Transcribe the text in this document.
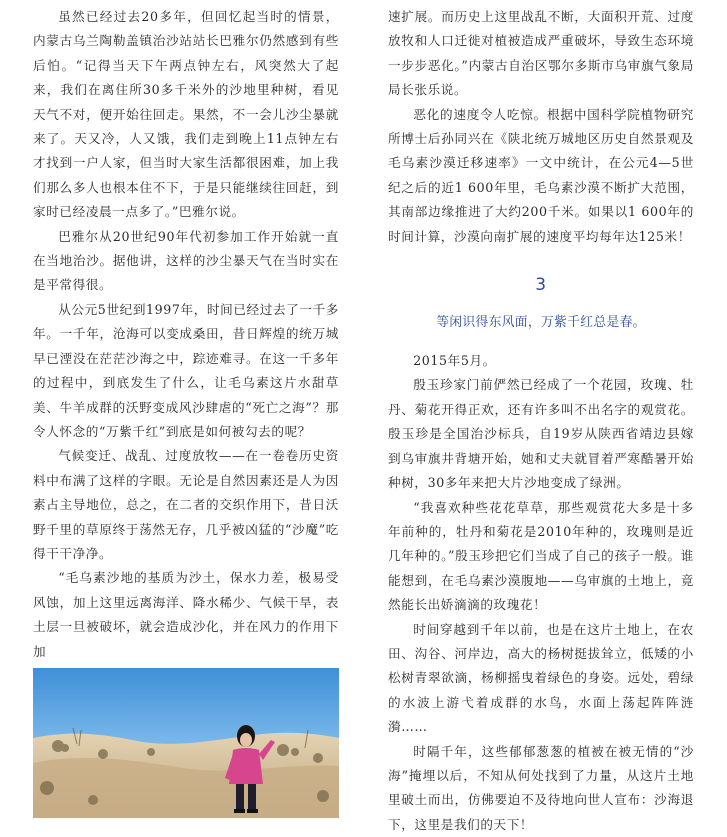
虽然已经过去20多年，但回忆起当时的情景，内蒙古乌兰陶勒盖镇治沙站站长巴雅尔仍然感到有些后怕。“记得当天下午两点钟左右，风突然大了起来，我们在离住所30多千米外的沙地里种树，看见天气不对，便开始往回走。果然，不一会儿沙尘暴就来了。天又冷，人又饿，我们走到晚上11点钟左右才找到一户人家，但当时大家生活都很困难，加上我们那么多人也根本住不下，于是只能继续往回赶，到家时已经凌晨一点多了。”巴雅尔说。

巴雅尔从20世纪90年代初参加工作开始就一直在当地治沙。据他讲，这样的沙尘暴天气在当时实在是平常得很。

从公元5世纪到1997年，时间已经过去了一千多年。一千年，沧海可以变成桑田，昔日辉煌的统万城早已湮没在茫茫沙海之中，踪迹难寻。在这一千多年的过程中，到底发生了什么，让毛乌素这片水甜草美、牛羊成群的沃野变成风沙肆虐的“死亡之海”？那令人怀念的“万紫千红”到底是如何被勾去的呢？

气候变迁、战乱、过度放牧——在一卷卷历史资料中布满了这样的字眼。无论是自然因素还是人为因素占主导地位，总之，在二者的交织作用下，昔日沃野千里的草原终于荡然无存，几乎被凶猛的“沙魔”吃得干干净净。

“毛乌素沙地的基质为沙土，保水力差，极易受风蚀，加上这里远离海洋、降水稀少、气候干旱，表土层一旦被破坏，就会造成沙化，并在风力的作用下加

速扩展。而历史上这里战乱不断，大面积开荒、过度放牧和人口迁徙对植被造成严重破坏，导致生态环境一步步恶化。”内蒙古自治区鄂尔多斯市乌审旗气象局局长张乐说。

恶化的速度令人吃惊。根据中国科学院植物研究所博士后孙同兴在《陕北统万城地区历史自然景观及毛乌素沙漠迁移速率》一文中统计，在公元4—5世纪之后的近1 600年里，毛乌素沙漠不断扩大范围，其南部边缘推进了大约200千米。如果以1 600年的时间计算，沙漠向南扩展的速度平均每年达125米！

3
等闲识得东风面，万紫千红总是春。

2015年5月。

殷玉珍家门前俨然已经成了一个花园，玫瑰、牡丹、菊花开得正欢，还有许多叫不出名字的观赏花。殷玉珍是全国治沙标兵，自19岁从陕西省靖边县嫁到乌审旗井背塘开始，她和丈夫就冒着严寒酷暑开始种树，30多年来把大片沙地变成了绿洲。

“我喜欢种些花花草草，那些观赏花大多是十多年前种的，牡丹和菊花是2010年种的，玫瑰则是近几年种的。”殷玉珍把它们当成了自己的孩子一般。谁能想到，在毛乌素沙漠腹地——乌审旗的土地上，竟然能长出娇滴滴的玫瑰花！

时间穿越到千年以前，也是在这片土地上，在农田、沟谷、河岸边，高大的杨树挺拔耸立，低矮的小松树青翠欲滴，杨柳摇曳着绿色的身姿。远处，碧绿的水波上游弋着成群的水鸟，水面上荡起阵阵涟漪……

时隔千年，这些郁郁葱葱的植被在被无情的“沙海”掩埋以后，不知从何处找到了力量，从这片土地里破土而出，仿佛要迫不及待地向世人宣布：沙海退下，这里是我们的天下！
